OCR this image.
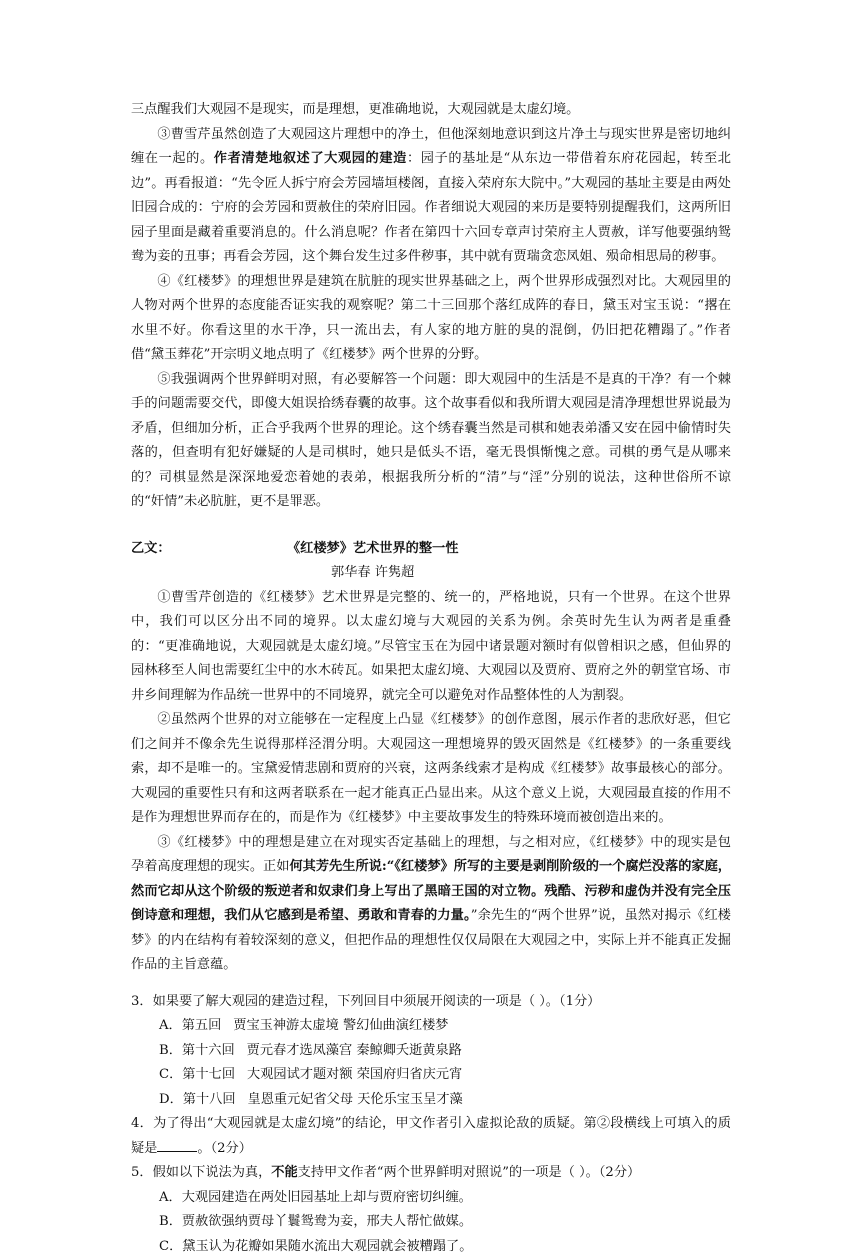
三点醒我们大观园不是现实，而是理想，更准确地说，大观园就是太虚幻境。

③曹雪芹虽然创造了大观园这片理想中的净土，但他深刻地意识到这片净土与现实世界是密切地纠缠在一起的。作者清楚地叙述了大观园的建造：园子的基址是“从东边一带借着东府花园起，转至北边”。再看报道：“先令匠人拆宁府会芳园墙垣楼阁，直接入荣府东大院中。”大观园的基址主要是由两处旧园合成的：宁府的会芳园和贾赦住的荣府旧园。作者细说大观园的来历是要特别提醒我们，这两所旧园子里面是藏着重要消息的。什么消息呢？作者在第四十六回专章声讨荣府主人贾赦，详写他要强纳鸳鸯为妾的丑事；再看会芳园，这个舞台发生过多件秽事，其中就有贾瑞贪恋凤姐、殒命相思局的秽事。

④《红楼梦》的理想世界是建筑在肮脏的现实世界基础之上，两个世界形成强烈对比。大观园里的人物对两个世界的态度能否证实我的观察呢？第二十三回那个落红成阵的春日，黛玉对宝玉说：“撂在水里不好。你看这里的水干净，只一流出去，有人家的地方脏的臭的混倒，仍旧把花糟蹋了。”作者借“黛玉葬花”开宗明义地点明了《红楼梦》两个世界的分野。

⑤我强调两个世界鲜明对照，有必要解答一个问题：即大观园中的生活是不是真的干净？有一个棘手的问题需要交代，即傻大姐误拾绣春囊的故事。这个故事看似和我所谓大观园是清净理想世界说最为矛盾，但细加分析，正合乎我两个世界的理论。这个绣春囊当然是司棋和她表弟潘又安在园中偷情时失落的，但查明有犯好嫌疑的人是司棋时，她只是低头不语，毫无畏惧惭愧之意。司棋的勇气是从哪来的？司棋显然是深深地爱恋着她的表弟，根据我所分析的“清”与“淫”分别的说法，这种世俗所不谅的“奸情”未必肮脏，更不是罪恶。

乙文：	《红楼梦》艺术世界的整一性

郭华春 许隽超

①曹雪芹创造的《红楼梦》艺术世界是完整的、统一的，严格地说，只有一个世界。在这个世界中，我们可以区分出不同的境界。以太虚幻境与大观园的关系为例。余英时先生认为两者是重叠的：“更准确地说，大观园就是太虚幻境。”尽管宝玉在为园中诸景题对额时有似曾相识之感，但仙界的园林移至人间也需要红尘中的水木砖瓦。如果把太虚幻境、大观园以及贾府、贾府之外的朝堂官场、市井乡间理解为作品统一世界中的不同境界，就完全可以避免对作品整体性的人为割裂。

②虽然两个世界的对立能够在一定程度上凸显《红楼梦》的创作意图，展示作者的悲欣好恶，但它们之间并不像余先生说得那样泾渭分明。大观园这一理想境界的毁灭固然是《红楼梦》的一条重要线索，却不是唯一的。宝黛爱情悲剧和贾府的兴衰，这两条线索才是构成《红楼梦》故事最核心的部分。大观园的重要性只有和这两者联系在一起才能真正凸显出来。从这个意义上说，大观园最直接的作用不是作为理想世界而存在的，而是作为《红楼梦》中主要故事发生的特殊环境而被创造出来的。

③《红楼梦》中的理想是建立在对现实否定基础上的理想，与之相对应，《红楼梦》中的现实是包孕着高度理想的现实。正如何其芳先生所说:“《红楼梦》所写的主要是剥削阶级的一个腐烂没落的家庭，然而它却从这个阶级的叛逆者和奴隶们身上写出了黑暗王国的对立物。残酷、污秽和虚伪并没有完全压倒诗意和理想，我们从它感到是希望、勇敢和青春的力量。”余先生的“两个世界”说，虽然对揭示《红楼梦》的内在结构有着较深刻的意义，但把作品的理想性仅仅局限在大观园之中，实际上并不能真正发掘作品的主旨意蕴。

3．如果要了解大观园的建造过程，下列回目中须展开阅读的一项是（ ）。（1分）

A．第五回 贾宝玉神游太虚境 警幻仙曲演红楼梦

B．第十六回 贾元春才选凤藻宫 秦鲸卿夭逝黄泉路

C．第十七回 大观园试才题对额 荣国府归省庆元宵

D．第十八回 皇恩重元妃省父母 天伦乐宝玉呈才藻

4．为了得出“大观园就是太虚幻境”的结论，甲文作者引入虚拟论敌的质疑。第②段横线上可填入的质疑是	。（2分）

5．假如以下说法为真，不能支持甲文作者“两个世界鲜明对照说”的一项是（ ）。（2分）

A．大观园建造在两处旧园基址上却与贾府密切纠缠。

B．贾赦欲强纳贾母丫鬟鸳鸯为妾，邢夫人帮忙做媒。

C．黛玉认为花瓣如果随水流出大观园就会被糟蹋了。
